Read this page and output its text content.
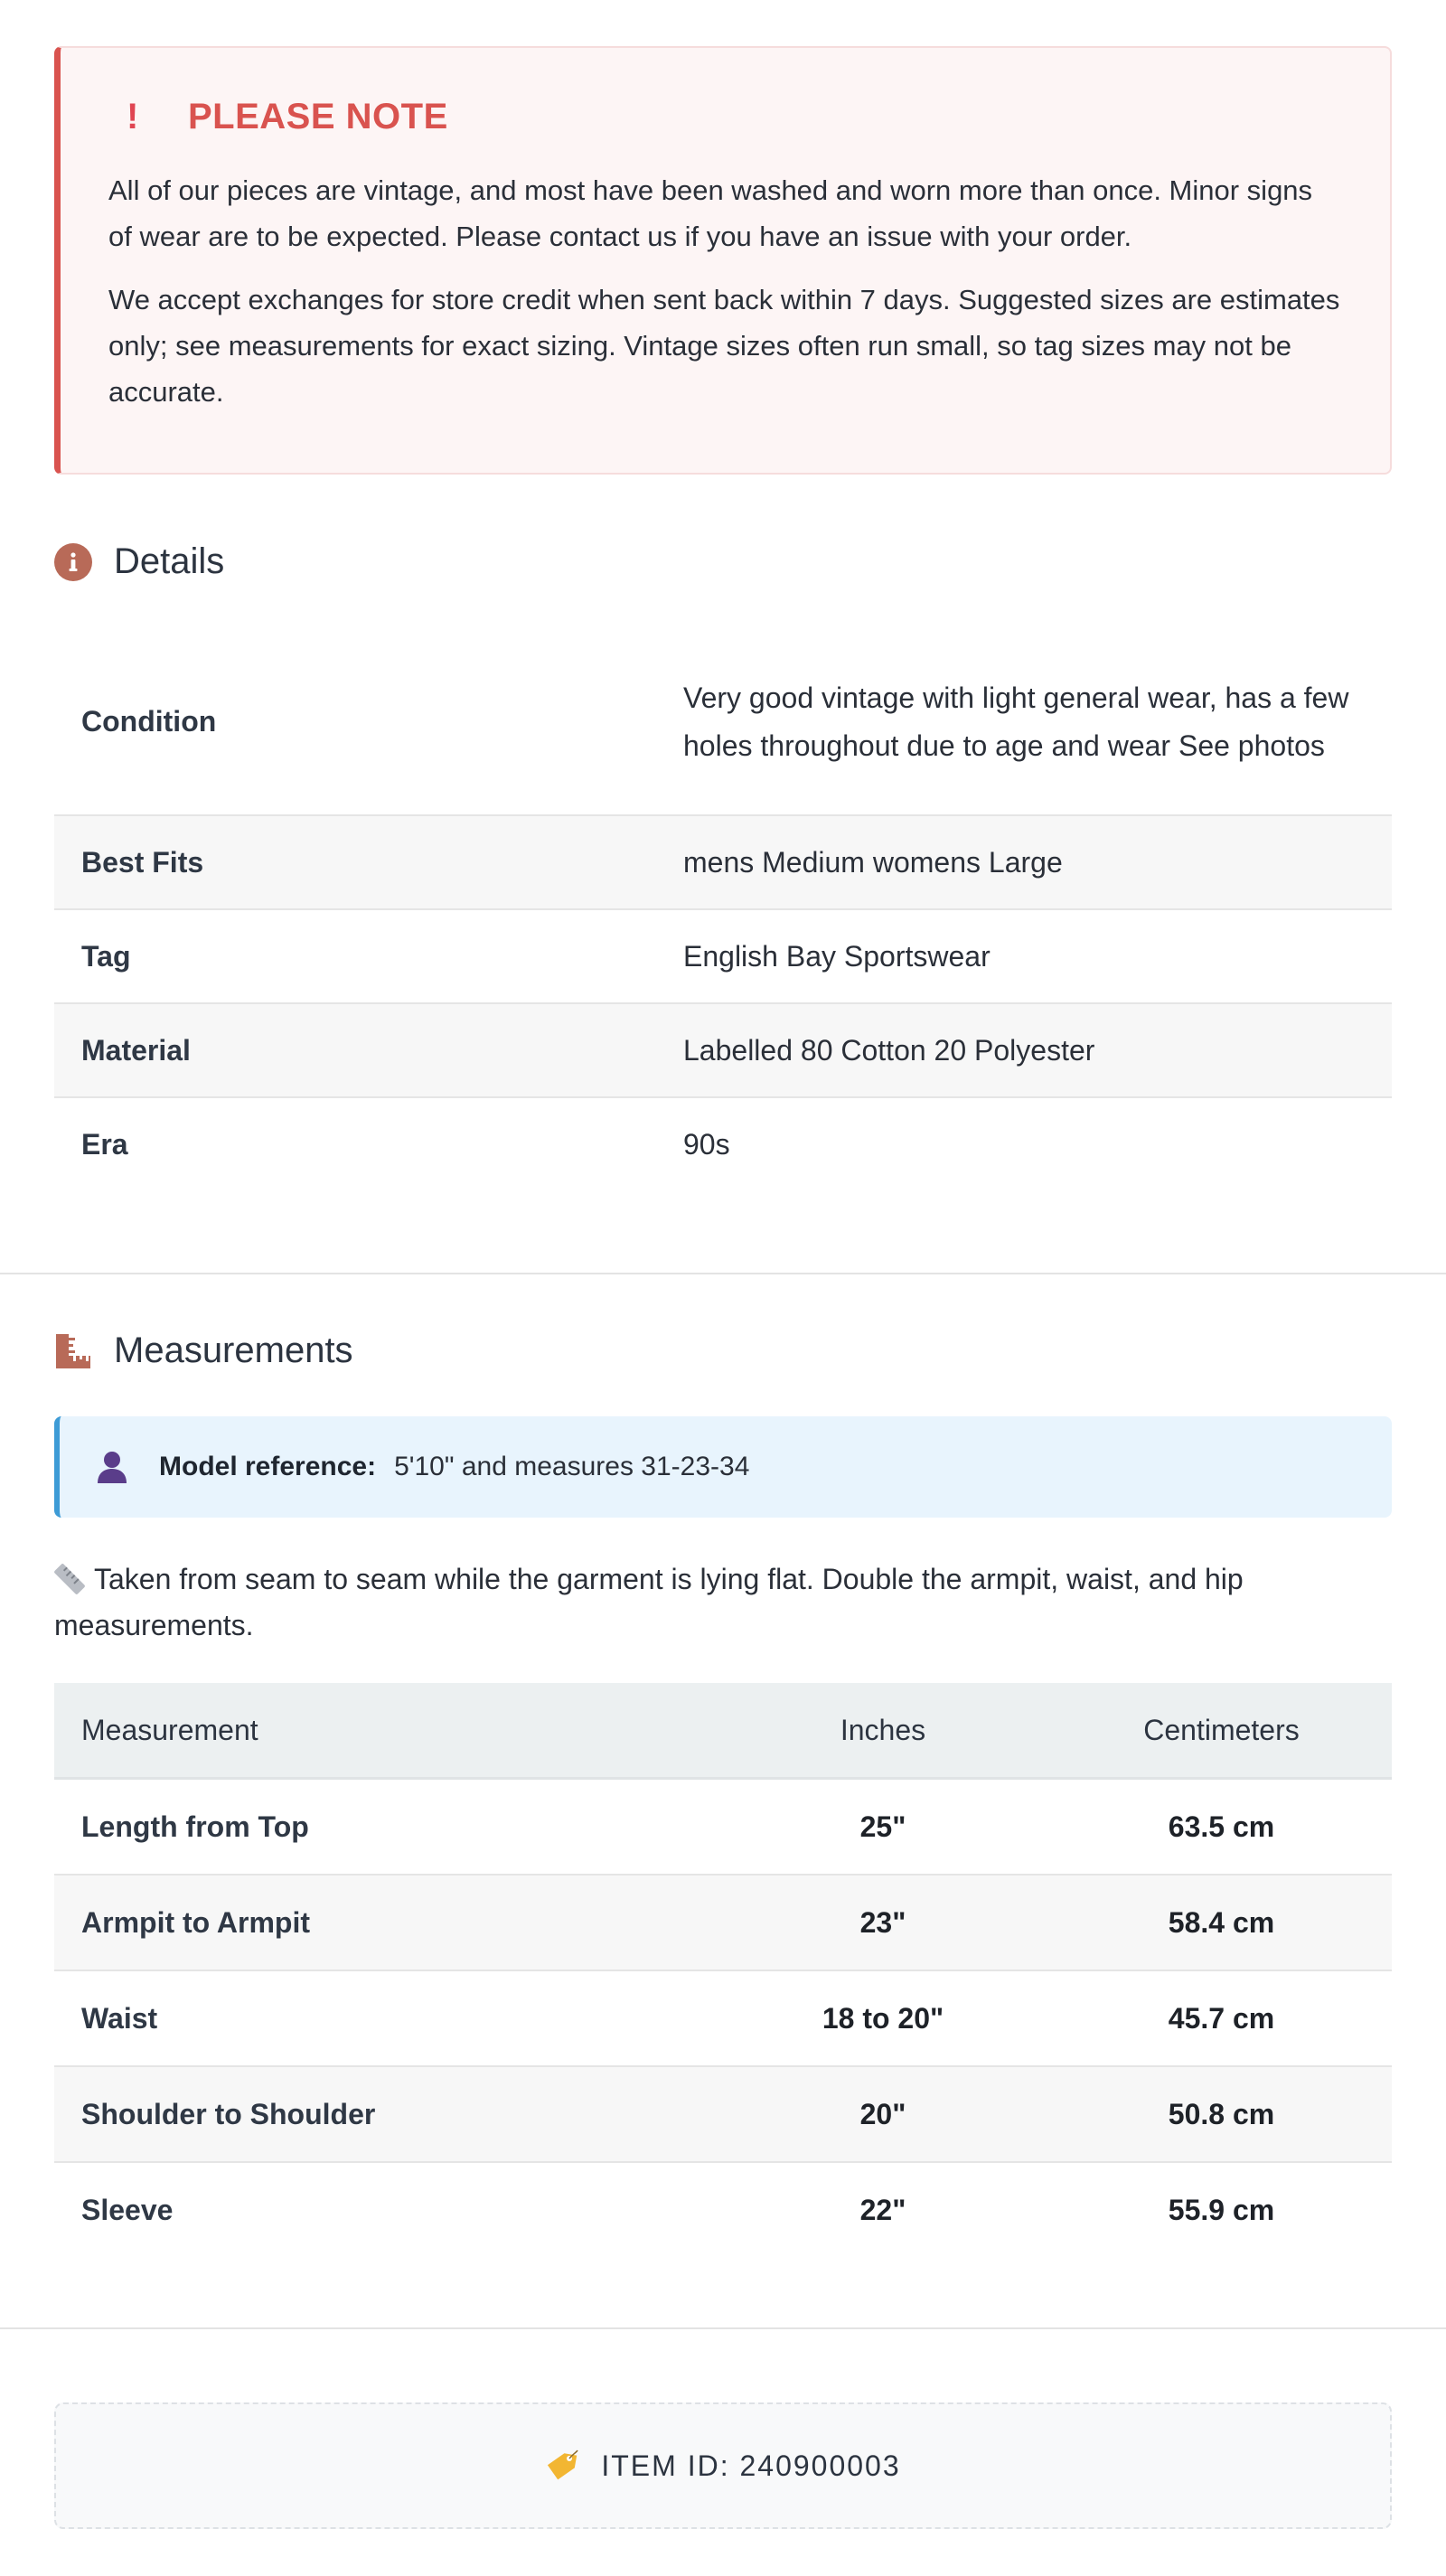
!	PLEASE NOTE

All of our pieces are vintage, and most have been washed and worn more than once. Minor signs of wear are to be expected. Please contact us if you have an issue with your order.

We accept exchanges for store credit when sent back within 7 days. Suggested sizes are estimates only; see measurements for exact sizing. Vintage sizes often run small, so tag sizes may not be accurate.

Details
Condition	Very good vintage with light general wear, has a few holes throughout due to age and wear See photos
Best Fits	mens Medium womens Large
Tag	English Bay Sportswear
Material	Labelled 80 Cotton 20 Polyester
Era	90s
Measurements
Model reference: 5'10" and measures 31-23-34
Taken from seam to seam while the garment is lying flat. Double the armpit, waist, and hip measurements.
Measurement	Inches	Centimeters
Length from Top	25"	63.5 cm
Armpit to Armpit	23"	58.4 cm
Waist	18 to 20"	45.7 cm
Shoulder to Shoulder	20"	50.8 cm
Sleeve	22"	55.9 cm
ITEM ID: 240900003
